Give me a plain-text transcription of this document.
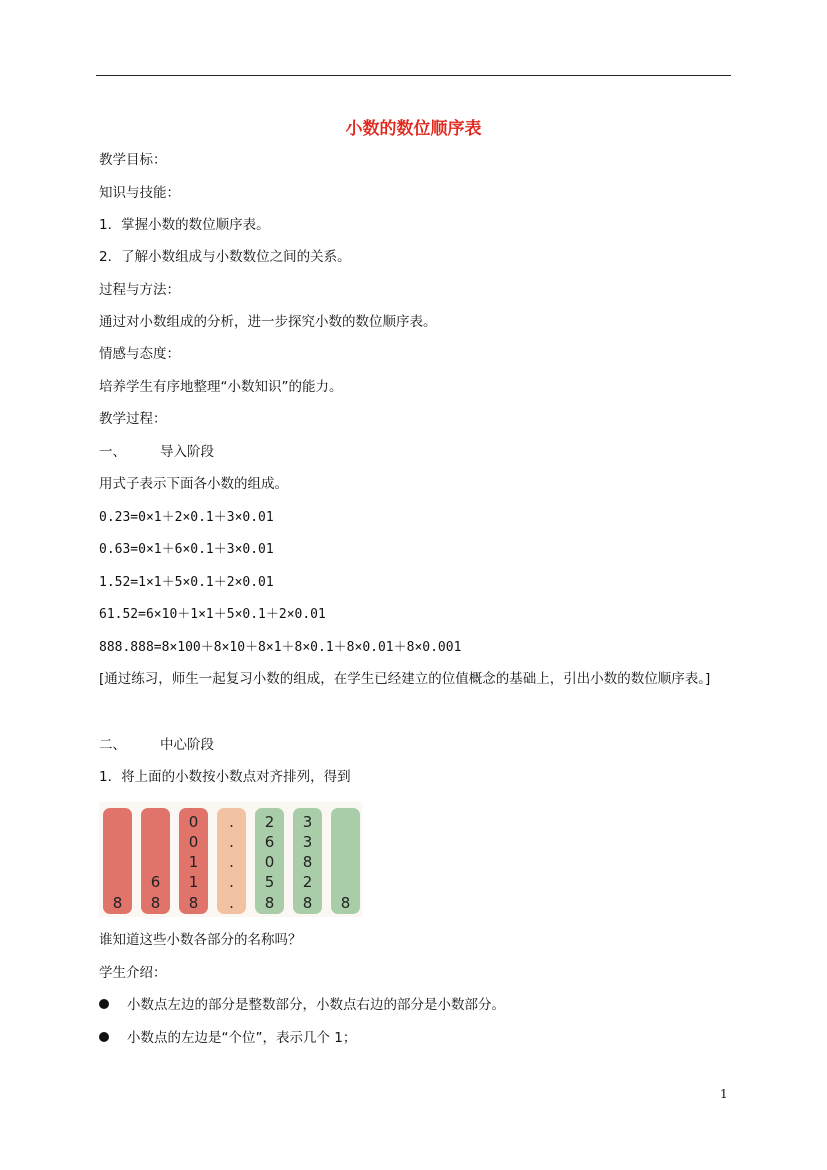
小数的数位顺序表
教学目标：
知识与技能：
1．掌握小数的数位顺序表。
2．了解小数组成与小数数位之间的关系。
过程与方法：
通过对小数组成的分析，进一步探究小数的数位顺序表。
情感与态度：
培养学生有序地整理“小数知识”的能力。
教学过程：
一、	导入阶段
用式子表示下面各小数的组成。
0.23=0×1＋2×0.1＋3×0.01
0.63=0×1＋6×0.1＋3×0.01
1.52=1×1＋5×0.1＋2×0.01
61.52=6×10＋1×1＋5×0.1＋2×0.01
888.888=8×100＋8×10＋8×1＋8×0.1＋8×0.01＋8×0.001
[通过练习，师生一起复习小数的组成，在学生已经建立的位值概念的基础上，引出小数的数位顺序表。]
二、	中心阶段
1．将上面的小数按小数点对齐排列，得到
8
6
8
0
0
1
1
8
.
.
.
.
.
2
6
0
5
8
3
3
8
2
8 8
谁知道这些小数各部分的名称吗？
学生介绍：
小数点左边的部分是整数部分，小数点右边的部分是小数部分。
小数点的左边是“个位”，表示几个 1；
1
